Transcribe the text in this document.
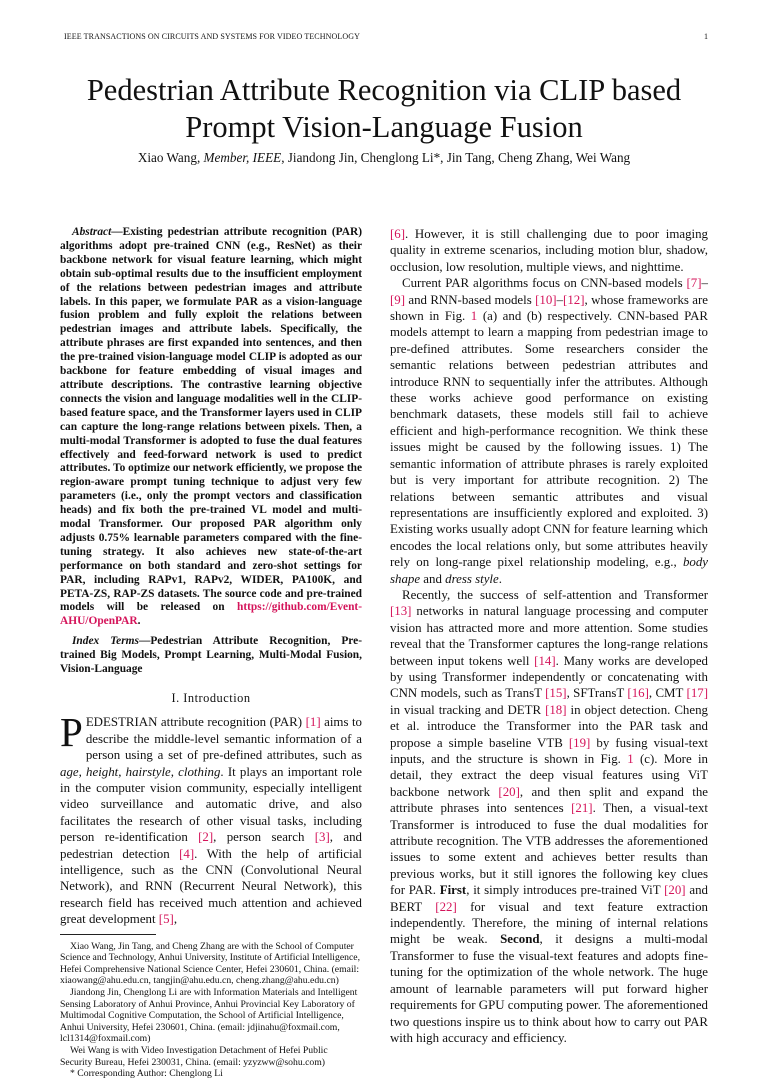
IEEE TRANSACTIONS ON CIRCUITS AND SYSTEMS FOR VIDEO TECHNOLOGY	1
Pedestrian Attribute Recognition via CLIP based
Prompt Vision-Language Fusion
Xiao Wang, Member, IEEE, Jiandong Jin, Chenglong Li*, Jin Tang, Cheng Zhang, Wei Wang

Abstract—Existing pedestrian attribute recognition (PAR) algorithms adopt pre-trained CNN (e.g., ResNet) as their backbone network for visual feature learning, which might obtain sub-optimal results due to the insufficient employment of the relations between pedestrian images and attribute labels. In this paper, we formulate PAR as a vision-language fusion problem and fully exploit the relations between pedestrian images and attribute labels. Specifically, the attribute phrases are first expanded into sentences, and then the pre-trained vision-language model CLIP is adopted as our backbone for feature embedding of visual images and attribute descriptions. The contrastive learning objective connects the vision and language modalities well in the CLIP-based feature space, and the Transformer layers used in CLIP can capture the long-range relations between pixels. Then, a multi-modal Transformer is adopted to fuse the dual features effectively and feed-forward network is used to predict attributes. To optimize our network efficiently, we propose the region-aware prompt tuning technique to adjust very few parameters (i.e., only the prompt vectors and classification heads) and fix both the pre-trained VL model and multi-modal Transformer. Our proposed PAR algorithm only adjusts 0.75% learnable parameters compared with the fine-tuning strategy. It also achieves new state-of-the-art performance on both standard and zero-shot settings for PAR, including RAPv1, RAPv2, WIDER, PA100K, and PETA-ZS, RAP-ZS datasets. The source code and pre-trained models will be released on https://github.com/Event-AHU/OpenPAR.

Index Terms—Pedestrian Attribute Recognition, Pre-trained Big Models, Prompt Learning, Multi-Modal Fusion, Vision-Language

I. Introduction

PEDESTRIAN attribute recognition (PAR) [1] aims to describe the middle-level semantic information of a person using a set of pre-defined attributes, such as age, height, hairstyle, clothing. It plays an important role in the computer vision community, especially intelligent video surveillance and automatic drive, and also facilitates the research of other visual tasks, including person re-identification [2], person search [3], and pedestrian detection [4]. With the help of artificial intelligence, such as the CNN (Convolutional Neural Network), and RNN (Recurrent Neural Network), this research field has received much attention and achieved great development [5],

Xiao Wang, Jin Tang, and Cheng Zhang are with the School of Computer Science and Technology, Anhui University, Institute of Artificial Intelligence, Hefei Comprehensive National Science Center, Hefei 230601, China. (email: xiaowang@ahu.edu.cn, tangjin@ahu.edu.cn, cheng.zhang@ahu.edu.cn)

Jiandong Jin, Chenglong Li are with Information Materials and Intelligent Sensing Laboratory of Anhui Province, Anhui Provincial Key Laboratory of Multimodal Cognitive Computation, the School of Artificial Intelligence, Anhui University, Hefei 230601, China. (email: jdjinahu@foxmail.com, lcl1314@foxmail.com)

Wei Wang is with Video Investigation Detachment of Hefei Public Security Bureau, Hefei 230031, China. (email: yzyzww@sohu.com)

* Corresponding Author: Chenglong Li

[6]. However, it is still challenging due to poor imaging quality in extreme scenarios, including motion blur, shadow, occlusion, low resolution, multiple views, and nighttime.

Current PAR algorithms focus on CNN-based models [7]–[9] and RNN-based models [10]–[12], whose frameworks are shown in Fig. 1 (a) and (b) respectively. CNN-based PAR models attempt to learn a mapping from pedestrian image to pre-defined attributes. Some researchers consider the semantic relations between pedestrian attributes and introduce RNN to sequentially infer the attributes. Although these works achieve good performance on existing benchmark datasets, these models still fail to achieve efficient and high-performance recognition. We think these issues might be caused by the following issues. 1) The semantic information of attribute phrases is rarely exploited but is very important for attribute recognition. 2) The relations between semantic attributes and visual representations are insufficiently explored and exploited. 3) Existing works usually adopt CNN for feature learning which encodes the local relations only, but some attributes heavily rely on long-range pixel relationship modeling, e.g., body shape and dress style.

Recently, the success of self-attention and Transformer [13] networks in natural language processing and computer vision has attracted more and more attention. Some studies reveal that the Transformer captures the long-range relations between input tokens well [14]. Many works are developed by using Transformer independently or concatenating with CNN models, such as TransT [15], SFTransT [16], CMT [17] in visual tracking and DETR [18] in object detection. Cheng et al. introduce the Transformer into the PAR task and propose a simple baseline VTB [19] by fusing visual-text inputs, and the structure is shown in Fig. 1 (c). More in detail, they extract the deep visual features using ViT backbone network [20], and then split and expand the attribute phrases into sentences [21]. Then, a visual-text Transformer is introduced to fuse the dual modalities for attribute recognition. The VTB addresses the aforementioned issues to some extent and achieves better results than previous works, but it still ignores the following key clues for PAR. First, it simply introduces pre-trained ViT [20] and BERT [22] for visual and text feature extraction independently. Therefore, the mining of internal relations might be weak. Second, it designs a multi-modal Transformer to fuse the visual-text features and adopts fine-tuning for the optimization of the whole network. The huge amount of learnable parameters will put forward higher requirements for GPU computing power. The aforementioned two questions inspire us to think about how to carry out PAR with high accuracy and efficiency.
